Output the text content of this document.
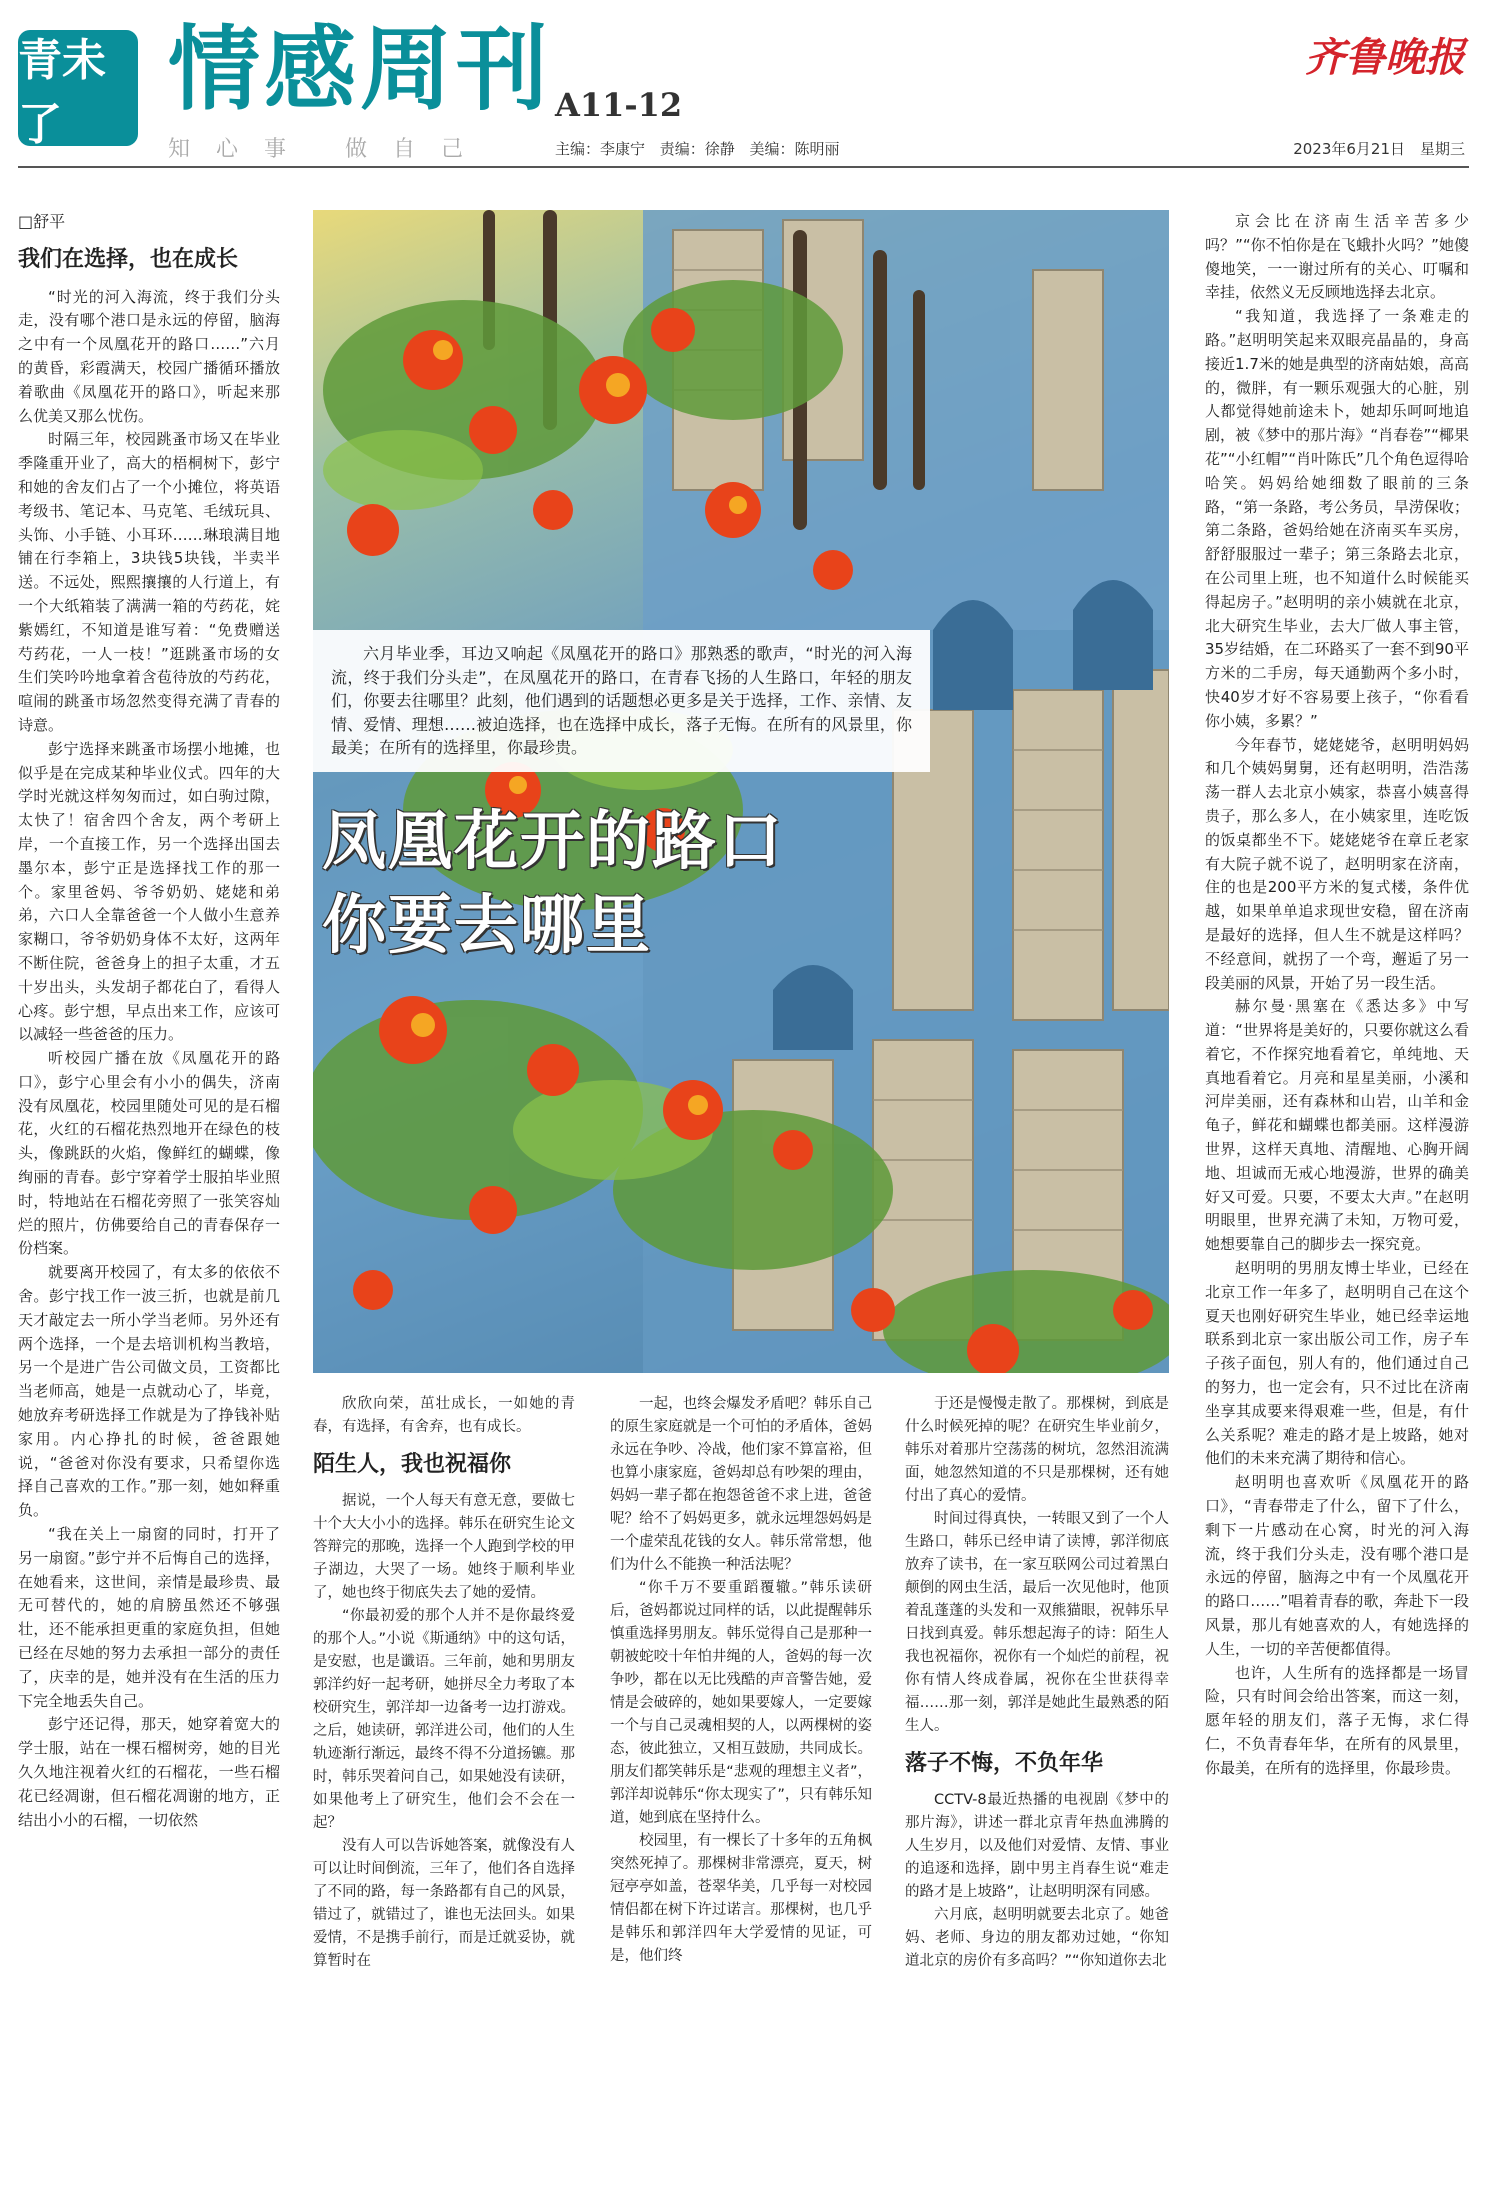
青未了
情感周刊 A11-12
知心事 做自己	主编：李康宁 责编：徐静 美编：陈明丽
齐鲁晚报
2023年6月21日　星期三

□舒平

我们在选择，也在成长

“时光的河入海流，终于我们分头走，没有哪个港口是永远的停留，脑海之中有一个凤凰花开的路口……”六月的黄昏，彩霞满天，校园广播循环播放着歌曲《凤凰花开的路口》，听起来那么优美又那么忧伤。

时隔三年，校园跳蚤市场又在毕业季隆重开业了，高大的梧桐树下，彭宁和她的舍友们占了一个小摊位，将英语考级书、笔记本、马克笔、毛绒玩具、头饰、小手链、小耳环……琳琅满目地铺在行李箱上，3块钱5块钱，半卖半送。不远处，熙熙攘攘的人行道上，有一个大纸箱装了满满一箱的芍药花，姹紫嫣红，不知道是谁写着：“免费赠送芍药花，一人一枝！”逛跳蚤市场的女生们笑吟吟地拿着含苞待放的芍药花，喧闹的跳蚤市场忽然变得充满了青春的诗意。

彭宁选择来跳蚤市场摆小地摊，也似乎是在完成某种毕业仪式。四年的大学时光就这样匆匆而过，如白驹过隙，太快了！宿舍四个舍友，两个考研上岸，一个直接工作，另一个选择出国去墨尔本，彭宁正是选择找工作的那一个。家里爸妈、爷爷奶奶、姥姥和弟弟，六口人全靠爸爸一个人做小生意养家糊口，爷爷奶奶身体不太好，这两年不断住院，爸爸身上的担子太重，才五十岁出头，头发胡子都花白了，看得人心疼。彭宁想，早点出来工作，应该可以减轻一些爸爸的压力。

听校园广播在放《凤凰花开的路口》，彭宁心里会有小小的偶失，济南没有凤凰花，校园里随处可见的是石榴花，火红的石榴花热烈地开在绿色的枝头，像跳跃的火焰，像鲜红的蝴蝶，像绚丽的青春。彭宁穿着学士服拍毕业照时，特地站在石榴花旁照了一张笑容灿烂的照片，仿佛要给自己的青春保存一份档案。

就要离开校园了，有太多的依依不舍。彭宁找工作一波三折，也就是前几天才敲定去一所小学当老师。另外还有两个选择，一个是去培训机构当教培，另一个是进广告公司做文员，工资都比当老师高，她是一点就动心了，毕竟，她放弃考研选择工作就是为了挣钱补贴家用。内心挣扎的时候，爸爸跟她说，“爸爸对你没有要求，只希望你选择自己喜欢的工作。”那一刻，她如释重负。

“我在关上一扇窗的同时，打开了另一扇窗。”彭宁并不后悔自己的选择，在她看来，这世间，亲情是最珍贵、最无可替代的，她的肩膀虽然还不够强壮，还不能承担更重的家庭负担，但她已经在尽她的努力去承担一部分的责任了，庆幸的是，她并没有在生活的压力下完全地丢失自己。

彭宁还记得，那天，她穿着宽大的学士服，站在一棵石榴树旁，她的目光久久地注视着火红的石榴花，一些石榴花已经凋谢，但石榴花凋谢的地方，正结出小小的石榴，一切依然

六月毕业季，耳边又响起《凤凰花开的路口》那熟悉的歌声，“时光的河入海流，终于我们分头走”，在凤凰花开的路口，在青春飞扬的人生路口，年轻的朋友们，你要去往哪里？此刻，他们遇到的话题想必更多是关于选择，工作、亲情、友情、爱情、理想……被迫选择，也在选择中成长，落子无悔。在所有的风景里，你最美；在所有的选择里，你最珍贵。

凤凰花开的路口
你要去哪里

欣欣向荣，茁壮成长，一如她的青春，有选择，有舍弃，也有成长。

陌生人，我也祝福你

据说，一个人每天有意无意，要做七十个大大小小的选择。韩乐在研究生论文答辩完的那晚，选择一个人跑到学校的甲子湖边，大哭了一场。她终于顺利毕业了，她也终于彻底失去了她的爱情。

“你最初爱的那个人并不是你最终爱的那个人。”小说《斯通纳》中的这句话，是安慰，也是谶语。三年前，她和男朋友郭洋约好一起考研，她拼尽全力考取了本校研究生，郭洋却一边备考一边打游戏。之后，她读研，郭洋进公司，他们的人生轨迹渐行渐远，最终不得不分道扬镳。那时，韩乐哭着问自己，如果她没有读研，如果他考上了研究生，他们会不会在一起？

没有人可以告诉她答案，就像没有人可以让时间倒流，三年了，他们各自选择了不同的路，每一条路都有自己的风景，错过了，就错过了，谁也无法回头。如果爱情，不是携手前行，而是迁就妥协，就算暂时在

一起，也终会爆发矛盾吧？韩乐自己的原生家庭就是一个可怕的矛盾体，爸妈永远在争吵、冷战，他们家不算富裕，但也算小康家庭，爸妈却总有吵架的理由，妈妈一辈子都在抱怨爸爸不求上进，爸爸呢？给不了妈妈更多，就永远埋怨妈妈是一个虚荣乱花钱的女人。韩乐常常想，他们为什么不能换一种活法呢？

“你千万不要重蹈覆辙。”韩乐读研后，爸妈都说过同样的话，以此提醒韩乐慎重选择男朋友。韩乐觉得自己是那种一朝被蛇咬十年怕井绳的人，爸妈的每一次争吵，都在以无比残酷的声音警告她，爱情是会破碎的，她如果要嫁人，一定要嫁一个与自己灵魂相契的人，以两棵树的姿态，彼此独立，又相互鼓励，共同成长。朋友们都笑韩乐是“悲观的理想主义者”，郭洋却说韩乐“你太现实了”，只有韩乐知道，她到底在坚持什么。

校园里，有一棵长了十多年的五角枫突然死掉了。那棵树非常漂亮，夏天，树冠亭亭如盖，苍翠华美，几乎每一对校园情侣都在树下许过诺言。那棵树，也几乎是韩乐和郭洋四年大学爱情的见证，可是，他们终

于还是慢慢走散了。那棵树，到底是什么时候死掉的呢？在研究生毕业前夕，韩乐对着那片空荡荡的树坑，忽然泪流满面，她忽然知道的不只是那棵树，还有她付出了真心的爱情。

时间过得真快，一转眼又到了一个人生路口，韩乐已经申请了读博，郭洋彻底放弃了读书，在一家互联网公司过着黑白颠倒的网虫生活，最后一次见他时，他顶着乱蓬蓬的头发和一双熊猫眼，祝韩乐早日找到真爱。韩乐想起海子的诗：陌生人我也祝福你，祝你有一个灿烂的前程，祝你有情人终成眷属，祝你在尘世获得幸福……那一刻，郭洋是她此生最熟悉的陌生人。

落子不悔，不负年华

CCTV-8最近热播的电视剧《梦中的那片海》，讲述一群北京青年热血沸腾的人生岁月，以及他们对爱情、友情、事业的追逐和选择，剧中男主肖春生说“难走的路才是上坡路”，让赵明明深有同感。

六月底，赵明明就要去北京了。她爸妈、老师、身边的朋友都劝过她，“你知道北京的房价有多高吗？”“你知道你去北

京会比在济南生活辛苦多少吗？”“你不怕你是在飞蛾扑火吗？”她傻傻地笑，一一谢过所有的关心、叮嘱和幸挂，依然义无反顾地选择去北京。

“我知道，我选择了一条难走的路。”赵明明笑起来双眼亮晶晶的，身高接近1.7米的她是典型的济南姑娘，高高的，微胖，有一颗乐观强大的心脏，别人都觉得她前途未卜，她却乐呵呵地追剧，被《梦中的那片海》“肖春卷”“椰果花”“小红帽”“肖叶陈氏”几个角色逗得哈哈笑。妈妈给她细数了眼前的三条路，“第一条路，考公务员，旱涝保收；第二条路，爸妈给她在济南买车买房，舒舒服服过一辈子；第三条路去北京，在公司里上班，也不知道什么时候能买得起房子。”赵明明的亲小姨就在北京，北大研究生毕业，去大厂做人事主管，35岁结婚，在二环路买了一套不到90平方米的二手房，每天通勤两个多小时，快40岁才好不容易要上孩子，“你看看你小姨，多累？”

今年春节，姥姥姥爷，赵明明妈妈和几个姨妈舅舅，还有赵明明，浩浩荡荡一群人去北京小姨家，恭喜小姨喜得贵子，那么多人，在小姨家里，连吃饭的饭桌都坐不下。姥姥姥爷在章丘老家有大院子就不说了，赵明明家在济南，住的也是200平方米的复式楼，条件优越，如果单单追求现世安稳，留在济南是最好的选择，但人生不就是这样吗？不经意间，就拐了一个弯，邂逅了另一段美丽的风景，开始了另一段生活。

赫尔曼·黑塞在《悉达多》中写道：“世界将是美好的，只要你就这么看着它，不作探究地看着它，单纯地、天真地看着它。月亮和星星美丽，小溪和河岸美丽，还有森林和山岩，山羊和金龟子，鲜花和蝴蝶也都美丽。这样漫游世界，这样天真地、清醒地、心胸开阔地、坦诚而无戒心地漫游，世界的确美好又可爱。只要，不要太大声。”在赵明明眼里，世界充满了未知，万物可爱，她想要靠自己的脚步去一探究竟。

赵明明的男朋友博士毕业，已经在北京工作一年多了，赵明明自己在这个夏天也刚好研究生毕业，她已经幸运地联系到北京一家出版公司工作，房子车子孩子面包，别人有的，他们通过自己的努力，也一定会有，只不过比在济南坐享其成要来得艰难一些，但是，有什么关系呢？难走的路才是上坡路，她对他们的未来充满了期待和信心。

赵明明也喜欢听《凤凰花开的路口》，“青春带走了什么，留下了什么，剩下一片感动在心窝，时光的河入海流，终于我们分头走，没有哪个港口是永远的停留，脑海之中有一个凤凰花开的路口……”唱着青春的歌，奔赴下一段风景，那儿有她喜欢的人，有她选择的人生，一切的辛苦便都值得。

也许，人生所有的选择都是一场冒险，只有时间会给出答案，而这一刻，愿年轻的朋友们，落子无悔，求仁得仁，不负青春年华，在所有的风景里，你最美，在所有的选择里，你最珍贵。
